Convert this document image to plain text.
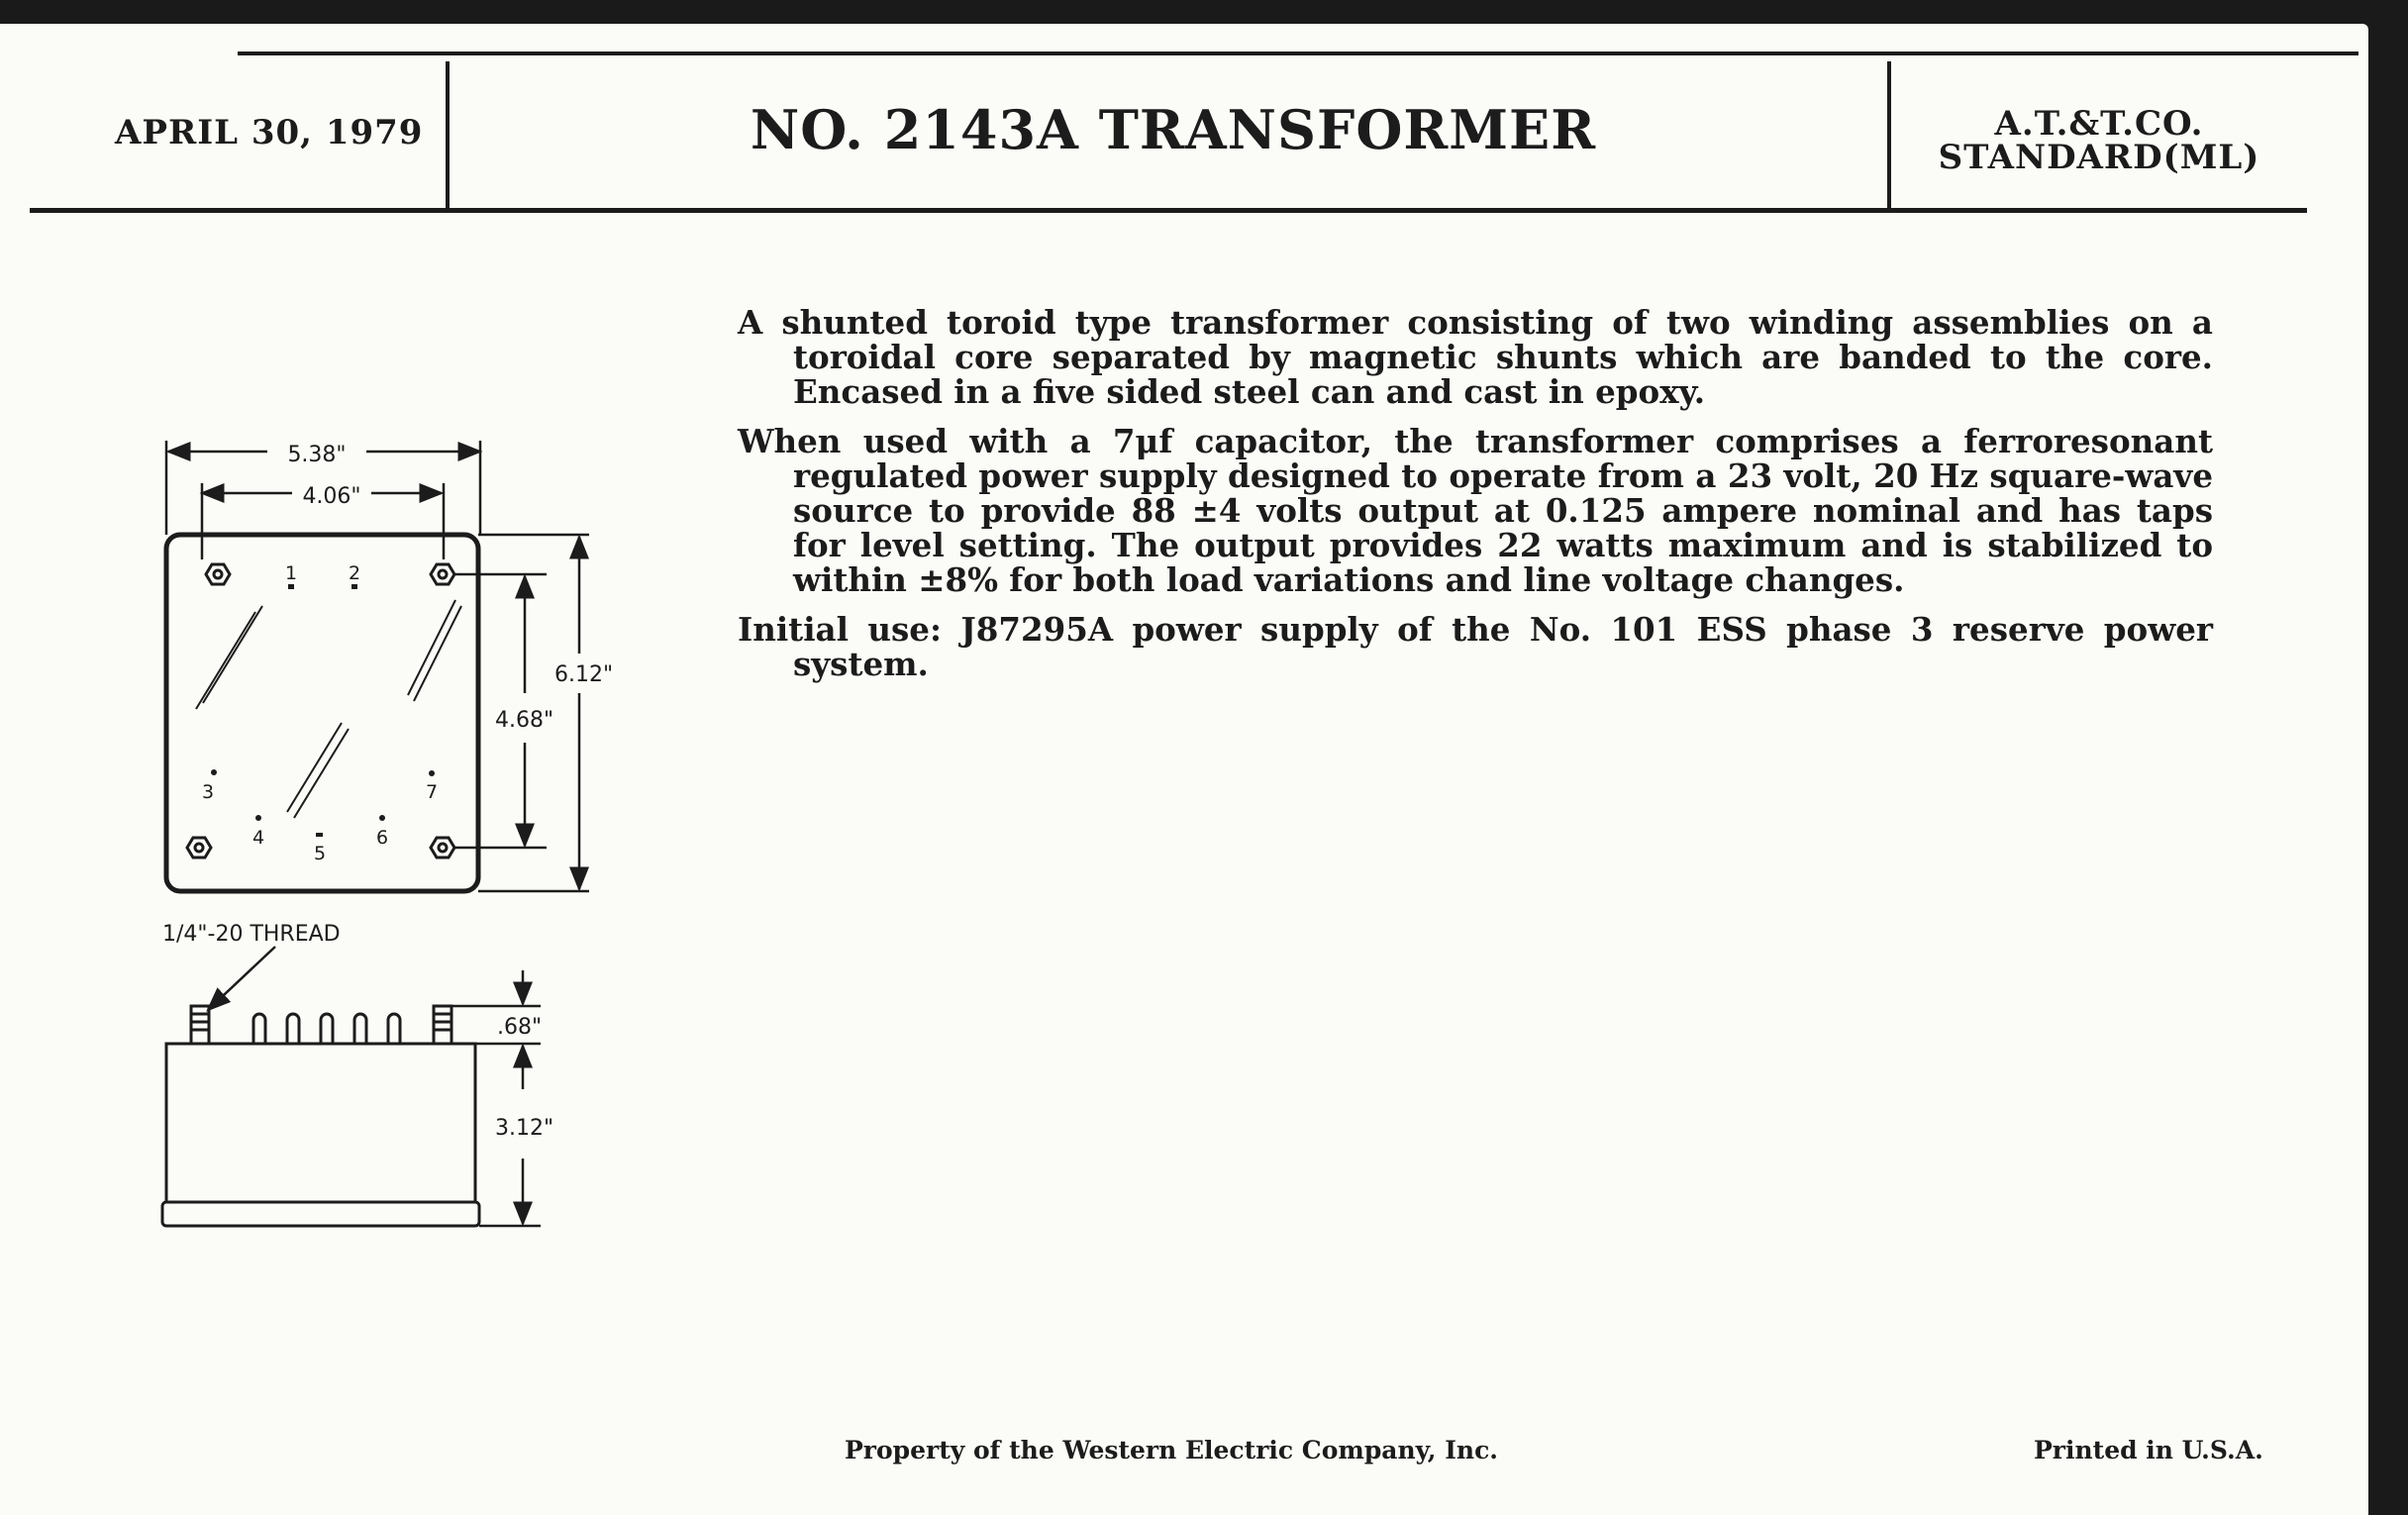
APRIL 30, 1979	NO. 2143A TRANSFORMER	A.T.&T.CO.
STANDARD(ML)

A shunted toroid type transformer consisting of two winding assemblies on a toroidal core separated by magnetic shunts which are banded to the core. Encased in a five sided steel can and cast in epoxy.

When used with a 7μf capacitor, the transformer comprises a ferroresonant regulated power supply designed to operate from a 23 volt, 20 Hz square-wave source to provide 88 ±4 volts output at 0.125 ampere nominal and has taps for level setting. The output provides 22 watts maximum and is stabilized to within ±8% for both load variations and line voltage changes.

Initial use: J87295A power supply of the No. 101 ESS phase 3 reserve power system.

5.38"
4.06"
6.12"
4.68"
1	2
3
4
5
6
7
1/4"-20 THREAD
.68"
3.12"
Property of the Western Electric Company, Inc.	Printed in U.S.A.
